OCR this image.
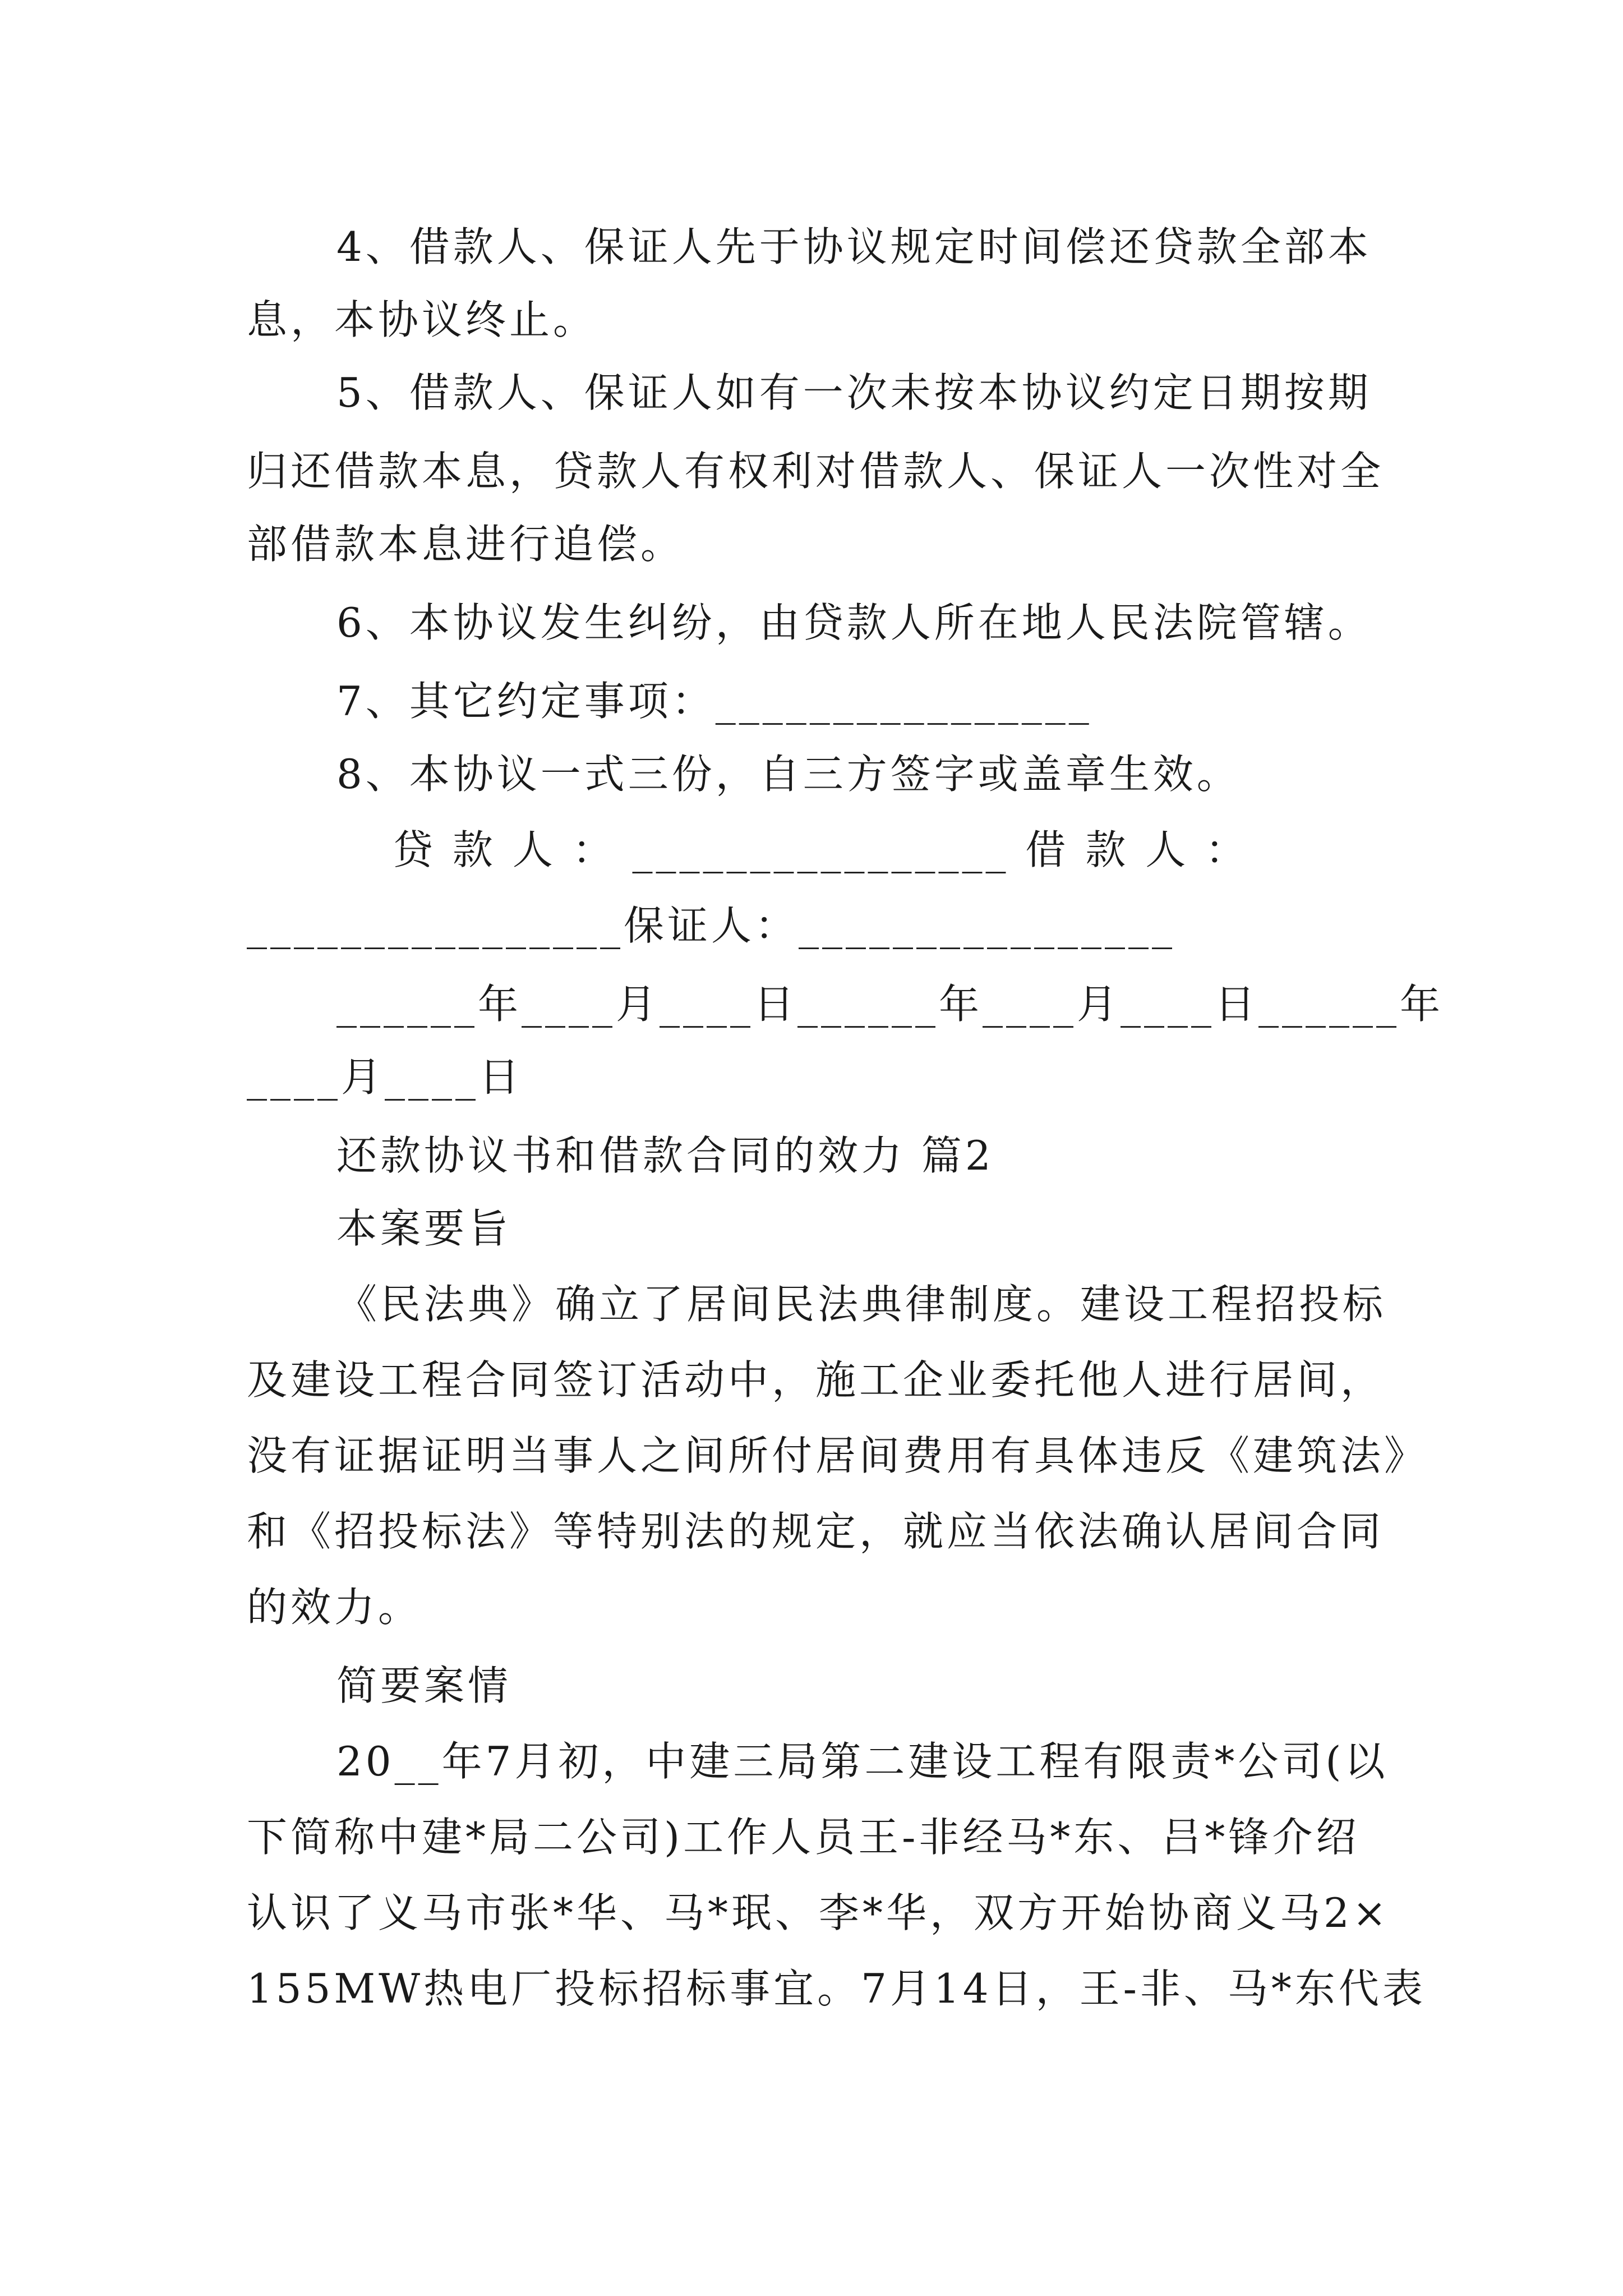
4、借款人、保证人先于协议规定时间偿还贷款全部本
息，本协议终止。
5、借款人、保证人如有一次未按本协议约定日期按期
归还借款本息，贷款人有权利对借款人、保证人一次性对全
部借款本息进行追偿。
6、本协议发生纠纷，由贷款人所在地人民法院管辖。
7、其它约定事项：________________
8、本协议一式三份，自三方签字或盖章生效。
贷 款 人 ： ________________ 借 款 人 ：
________________保证人：________________
______年____月____日______年____月____日______年
____月____日
还款协议书和借款合同的效力 篇2
本案要旨
《民法典》确立了居间民法典律制度。建设工程招投标
及建设工程合同签订活动中，施工企业委托他人进行居间，
没有证据证明当事人之间所付居间费用有具体违反《建筑法》
和《招投标法》等特别法的规定，就应当依法确认居间合同
的效力。
简要案情
20__年7月初，中建三局第二建设工程有限责*公司(以
下简称中建*局二公司)工作人员王-非经马*东、吕*锋介绍
认识了义马市张*华、马*珉、李*华，双方开始协商义马2×
155MW热电厂投标招标事宜。7月14日，王-非、马*东代表
